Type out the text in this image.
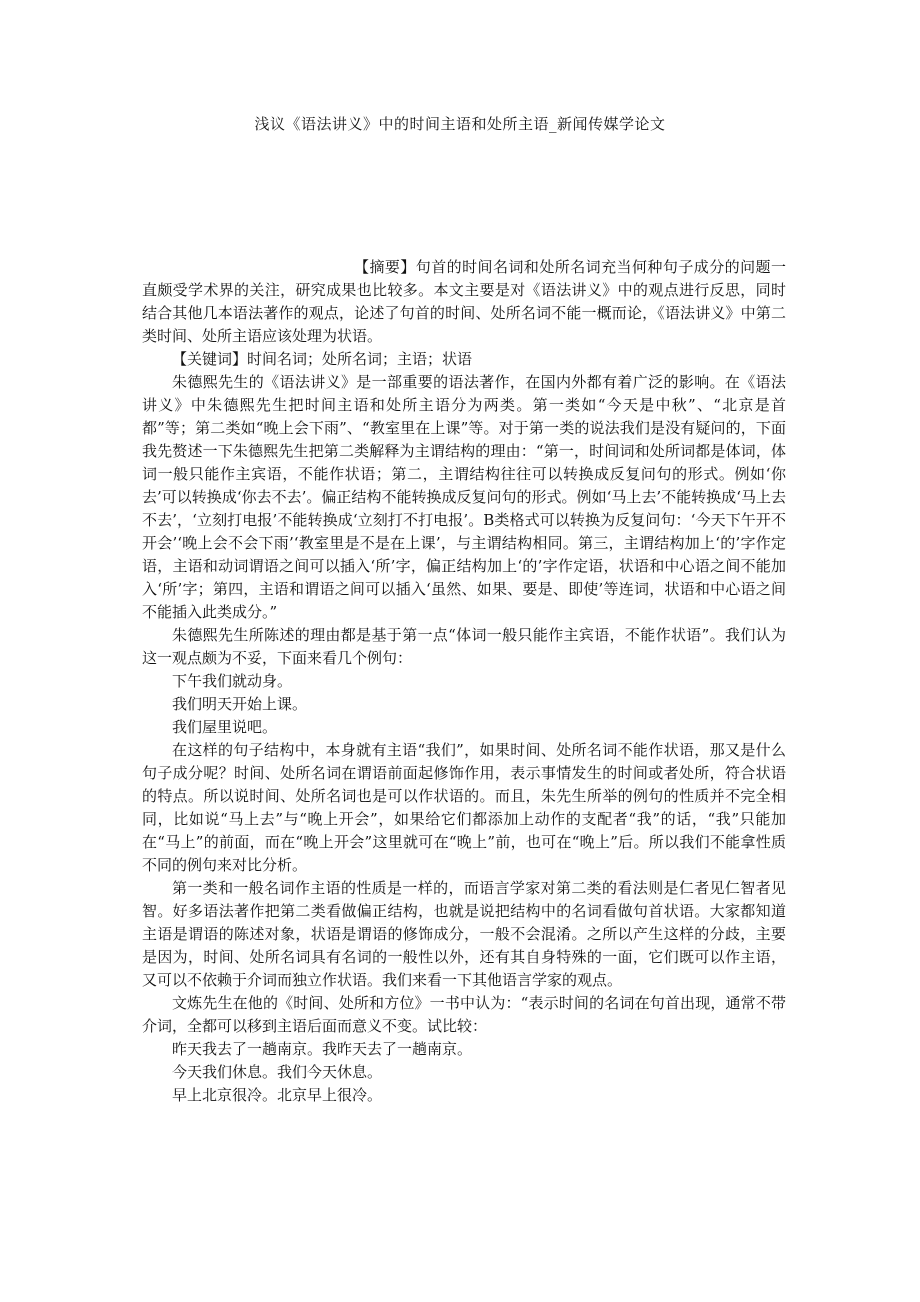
浅议《语法讲义》中的时间主语和处所主语_新闻传媒学论文

【摘要】句首的时间名词和处所名词充当何种句子成分的问题一直颇受学术界的关注，研究成果也比较多。本文主要是对《语法讲义》中的观点进行反思，同时结合其他几本语法著作的观点，论述了句首的时间、处所名词不能一概而论，《语法讲义》中第二类时间、处所主语应该处理为状语。

【关键词】时间名词；处所名词；主语；状语

朱德熙先生的《语法讲义》是一部重要的语法著作，在国内外都有着广泛的影响。在《语法讲义》中朱德熙先生把时间主语和处所主语分为两类。第一类如“今天是中秋”、“北京是首都”等；第二类如“晚上会下雨”、“教室里在上课”等。对于第一类的说法我们是没有疑问的，下面我先赘述一下朱德熙先生把第二类解释为主谓结构的理由：“第一，时间词和处所词都是体词，体词一般只能作主宾语，不能作状语；第二，主谓结构往往可以转换成反复问句的形式。例如‘你去’可以转换成‘你去不去’。偏正结构不能转换成反复问句的形式。例如‘马上去’不能转换成‘马上去不去’，‘立刻打电报’不能转换成‘立刻打不打电报’。B类格式可以转换为反复问句：‘今天下午开不开会’‘晚上会不会下雨’‘教室里是不是在上课’，与主谓结构相同。第三，主谓结构加上‘的’字作定语，主语和动词谓语之间可以插入‘所’字，偏正结构加上‘的’字作定语，状语和中心语之间不能加入‘所’字；第四，主语和谓语之间可以插入‘虽然、如果、要是、即使’等连词，状语和中心语之间不能插入此类成分。”

朱德熙先生所陈述的理由都是基于第一点“体词一般只能作主宾语，不能作状语”。我们认为这一观点颇为不妥，下面来看几个例句：

下午我们就动身。

我们明天开始上课。

我们屋里说吧。

在这样的句子结构中，本身就有主语“我们”，如果时间、处所名词不能作状语，那又是什么句子成分呢？时间、处所名词在谓语前面起修饰作用，表示事情发生的时间或者处所，符合状语的特点。所以说时间、处所名词也是可以作状语的。而且，朱先生所举的例句的性质并不完全相同，比如说“马上去”与“晚上开会”，如果给它们都添加上动作的支配者“我”的话，“我”只能加在“马上”的前面，而在“晚上开会”这里就可在“晚上”前，也可在“晚上”后。所以我们不能拿性质不同的例句来对比分析。

第一类和一般名词作主语的性质是一样的，而语言学家对第二类的看法则是仁者见仁智者见智。好多语法著作把第二类看做偏正结构，也就是说把结构中的名词看做句首状语。大家都知道主语是谓语的陈述对象，状语是谓语的修饰成分，一般不会混淆。之所以产生这样的分歧，主要是因为，时间、处所名词具有名词的一般性以外，还有其自身特殊的一面，它们既可以作主语，又可以不依赖于介词而独立作状语。我们来看一下其他语言学家的观点。

文炼先生在他的《时间、处所和方位》一书中认为：“表示时间的名词在句首出现，通常不带介词，全都可以移到主语后面而意义不变。试比较：

昨天我去了一趟南京。我昨天去了一趟南京。

今天我们休息。我们今天休息。

早上北京很冷。北京早上很冷。
